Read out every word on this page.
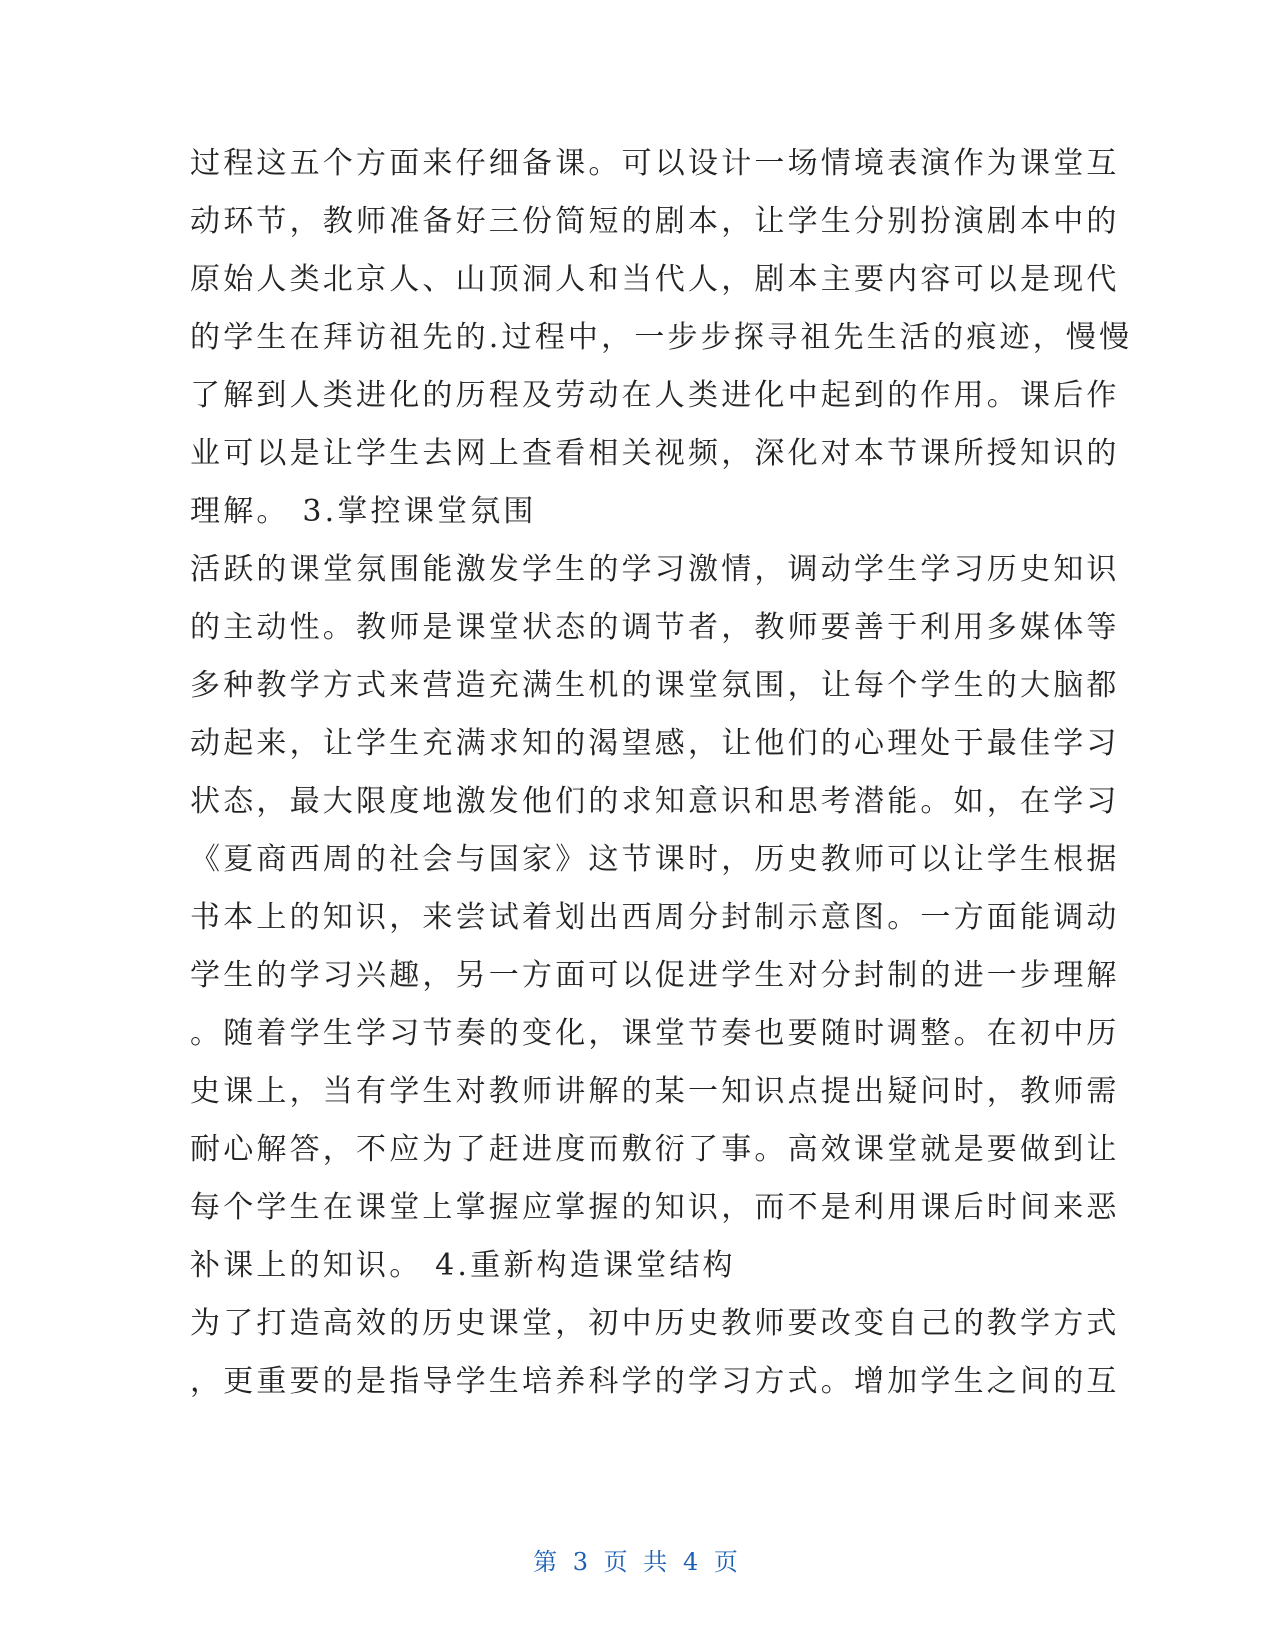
过程这五个方面来仔细备课。可以设计一场情境表演作为课堂互
动环节，教师准备好三份简短的剧本，让学生分别扮演剧本中的
原始人类北京人、山顶洞人和当代人，剧本主要内容可以是现代
的学生在拜访祖先的.过程中，一步步探寻祖先生活的痕迹，慢慢
了解到人类进化的历程及劳动在人类进化中起到的作用。课后作
业可以是让学生去网上查看相关视频，深化对本节课所授知识的
理解。 3.掌控课堂氛围
活跃的课堂氛围能激发学生的学习激情，调动学生学习历史知识
的主动性。教师是课堂状态的调节者，教师要善于利用多媒体等
多种教学方式来营造充满生机的课堂氛围，让每个学生的大脑都
动起来，让学生充满求知的渴望感，让他们的心理处于最佳学习
状态，最大限度地激发他们的求知意识和思考潜能。如，在学习
《夏商西周的社会与国家》这节课时，历史教师可以让学生根据
书本上的知识，来尝试着划出西周分封制示意图。一方面能调动
学生的学习兴趣，另一方面可以促进学生对分封制的进一步理解
。随着学生学习节奏的变化，课堂节奏也要随时调整。在初中历
史课上，当有学生对教师讲解的某一知识点提出疑问时，教师需
耐心解答，不应为了赶进度而敷衍了事。高效课堂就是要做到让
每个学生在课堂上掌握应掌握的知识，而不是利用课后时间来恶
补课上的知识。 4.重新构造课堂结构
为了打造高效的历史课堂，初中历史教师要改变自己的教学方式
，更重要的是指导学生培养科学的学习方式。增加学生之间的互
第 3 页 共 4 页
